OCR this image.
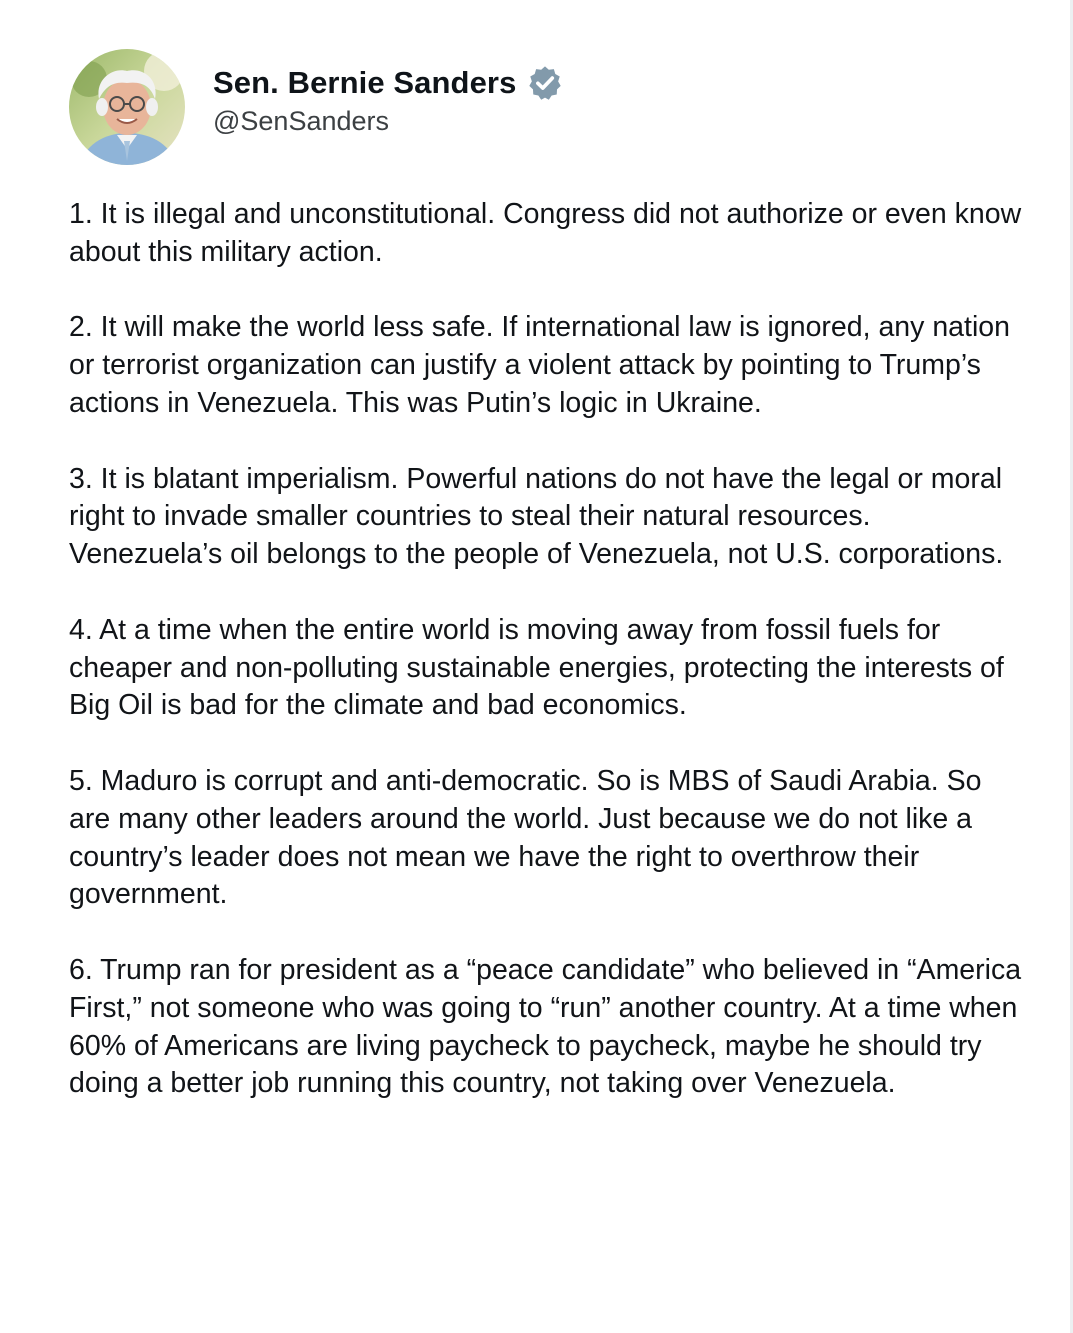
Sen. Bernie Sanders
@SenSanders

1. It is illegal and unconstitutional. Congress did not authorize or even know about this military action.

2. It will make the world less safe. If international law is ignored, any nation or terrorist organization can justify a violent attack by pointing to Trump’s actions in Venezuela. This was Putin’s logic in Ukraine.

3. It is blatant imperialism. Powerful nations do not have the legal or moral right to invade smaller countries to steal their natural resources. Venezuela’s oil belongs to the people of Venezuela, not U.S. corporations.

4. At a time when the entire world is moving away from fossil fuels for cheaper and non-polluting sustainable energies, protecting the interests of Big Oil is bad for the climate and bad economics.

5. Maduro is corrupt and anti-democratic. So is MBS of Saudi Arabia. So are many other leaders around the world. Just because we do not like a country’s leader does not mean we have the right to overthrow their government.

6. Trump ran for president as a “peace candidate” who believed in “America First,” not someone who was going to “run” another country. At a time when 60% of Americans are living paycheck to paycheck, maybe he should try doing a better job running this country, not taking over Venezuela.
